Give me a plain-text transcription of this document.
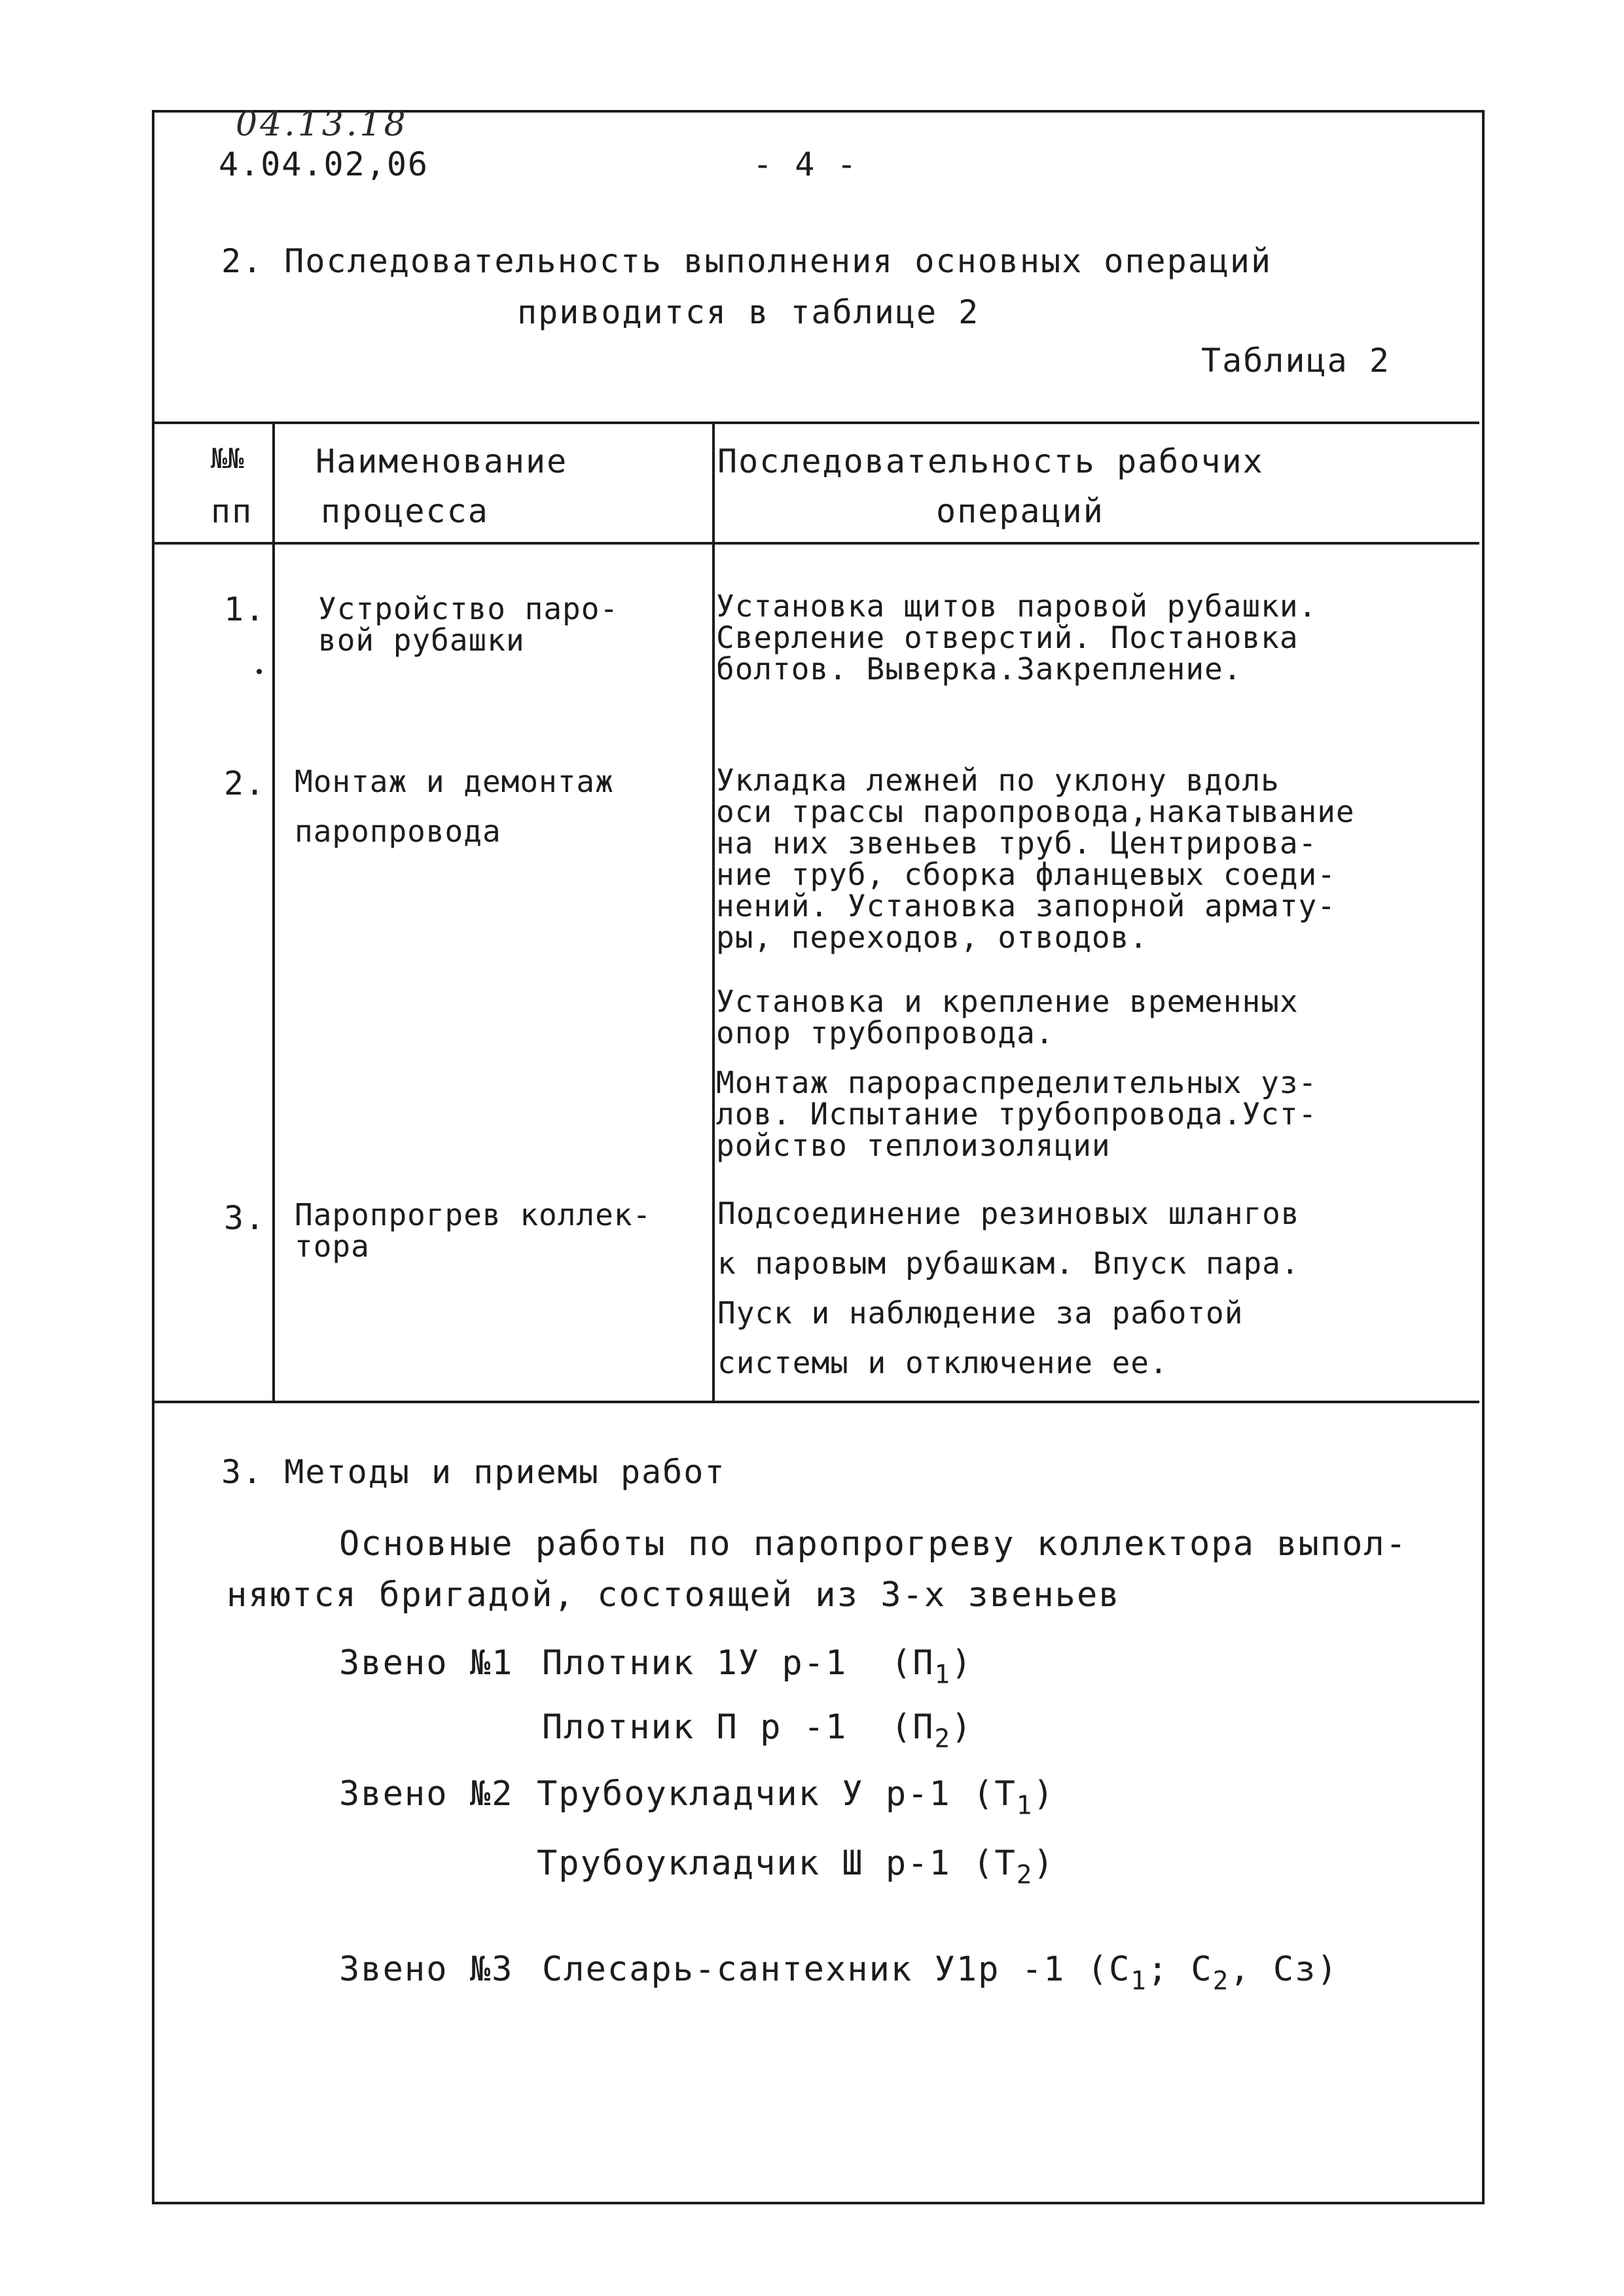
04.13.18
4.04.02,06	- 4 -
2. Последовательность выполнения основных операций
приводится в таблице 2
Таблица 2
№№
пп
Наименование
процесса
Последовательность рабочих
операций
1. Устройство паро-
вой рубашки
Установка щитов паровой рубашки.
Сверление отверстий. Постановка
болтов. Выверка.Закрепление.
2. Монтаж и демонтаж
паропровода
Укладка лежней по уклону вдоль
оси трассы паропровода,накатывание
на них звеньев труб. Центрирова-
ние труб, сборка фланцевых соеди-
нений. Установка запорной армату-
ры, переходов, отводов.
Установка и крепление временных
опор трубопровода.
Монтаж парораспределительных уз-
лов. Испытание трубопровода.Уст-
ройство теплоизоляции
3. Паропрогрев коллек-
тора
Подсоединение резиновых шлангов
к паровым рубашкам. Впуск пара.
Пуск и наблюдение за работой
системы и отключение ее.
3. Методы и приемы работ
Основные работы по паропрогреву коллектора выпол-
няются бригадой, состоящей из 3-х звеньев
Звено №1 Плотник 1У р-1  $(П_1)$
Плотник П р -1  $(П_2)$
Звено №2 Трубоукладчик У р-1 $(Т_1)$
Трубоукладчик Ш р-1 $(Т_2)$
Звено №3 Слесарь-сантехник У1р -1 ($С_1$; $С_2$, Сз)
